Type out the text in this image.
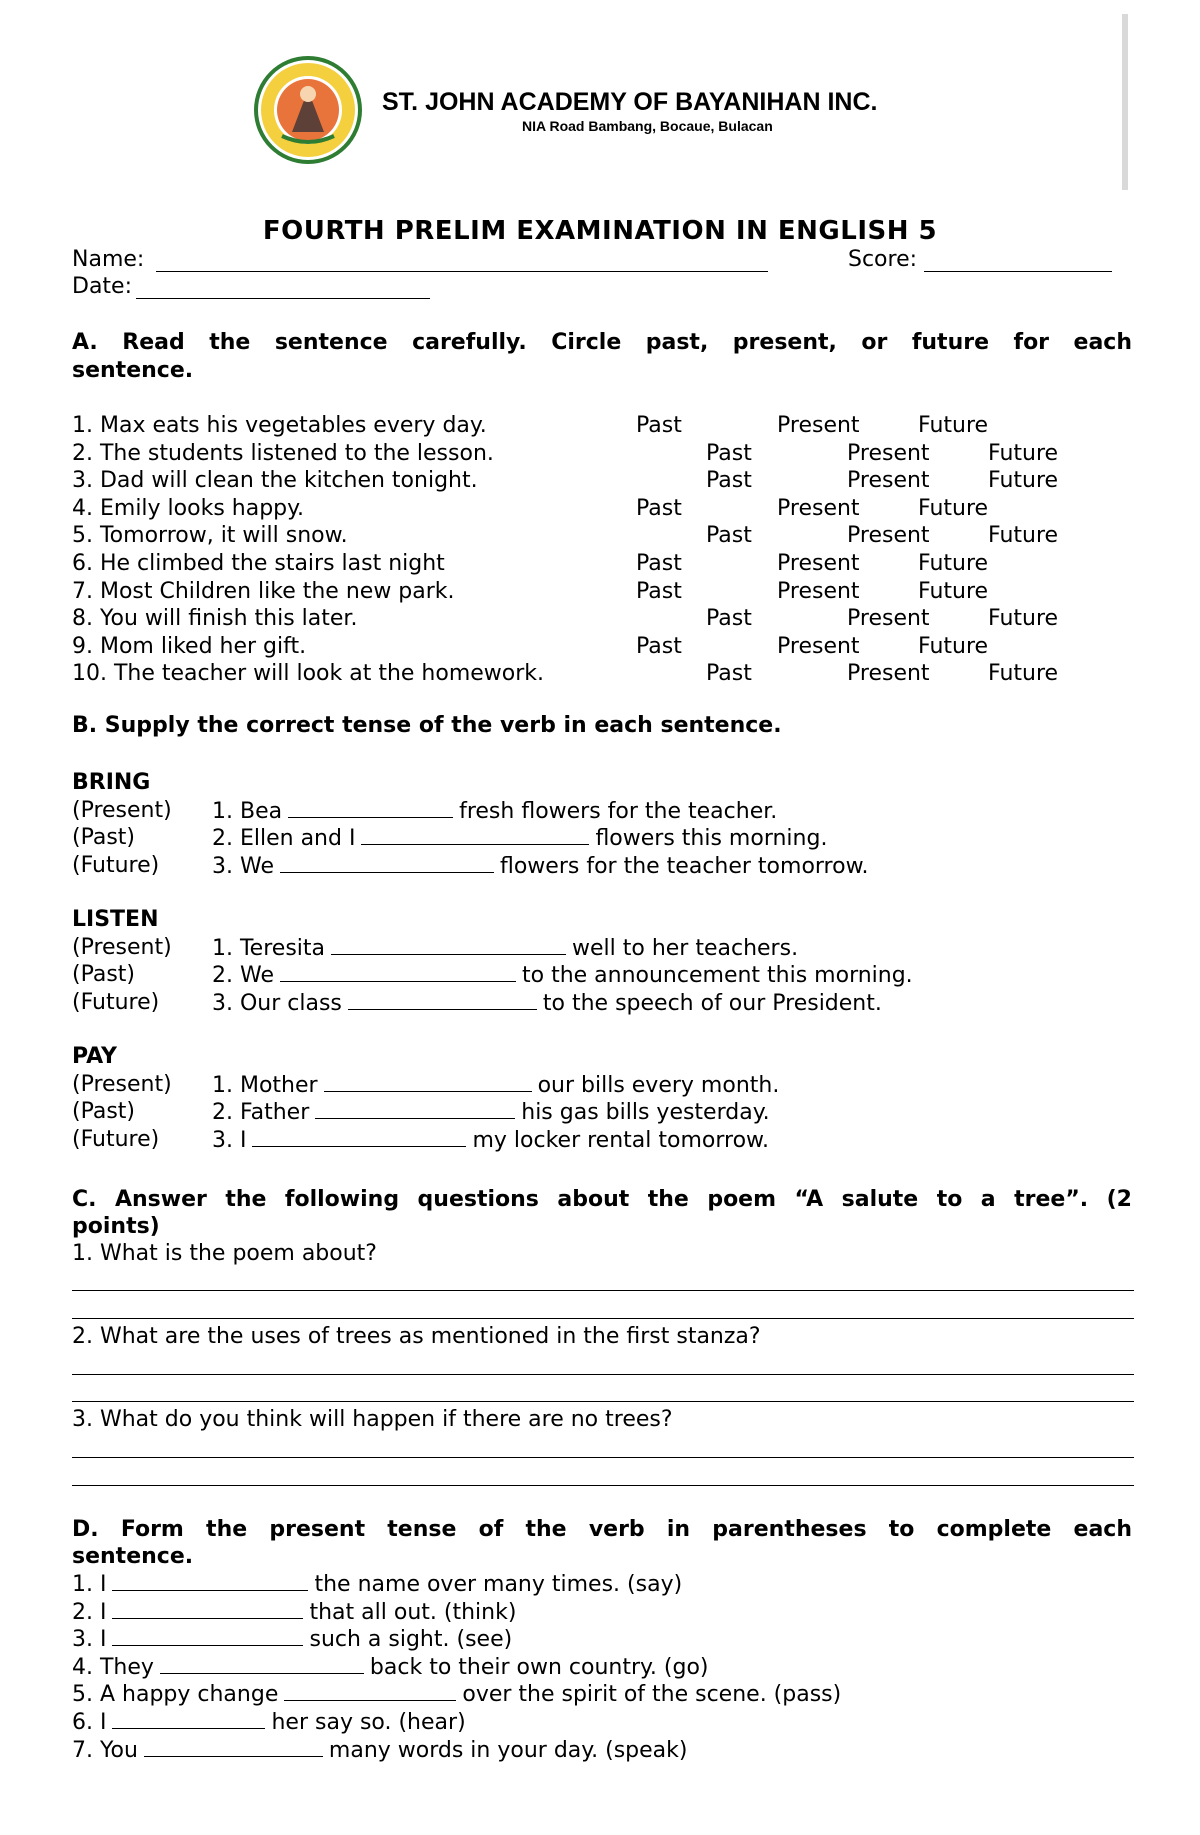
ST. JOHN ACADEMY OF BAYANIHAN INC.
NIA Road Bambang, Bocaue, Bulacan
FOURTH PRELIM EXAMINATION IN ENGLISH 5
Name:	Score:
Date:
A. Read the sentence carefully. Circle past, present, or future for each
sentence.
B. Supply the correct tense of the verb in each sentence.
C. Answer the following questions about the poem “A salute to a tree”. (2
points)
1. What is the poem about?
2. What are the uses of trees as mentioned in the first stanza?
3. What do you think will happen if there are no trees?
D. Form the present tense of the verb in parentheses to complete each
sentence.
1. Max eats his vegetables every day.	Past	Present	Future
2. The students listened to the lesson.	Past	Present	Future
3. Dad will clean the kitchen tonight.	Past	Present	Future
4. Emily looks happy.	Past	Present	Future
5. Tomorrow, it will snow.	Past	Present	Future
6. He climbed the stairs last night	Past	Present	Future
7. Most Children like the new park.	Past	Present	Future
8. You will finish this later.	Past	Present	Future
9. Mom liked her gift.	Past	Present	Future
10. The teacher will look at the homework.	Past	Present	Future
BRING
(Present) 1. Bea	fresh flowers for the teacher.
(Past)	2. Ellen and I	flowers this morning.
(Future) 3. We	flowers for the teacher tomorrow.
LISTEN
(Present) 1. Teresita	well to her teachers.
(Past)	2. We	to the announcement this morning.
(Future) 3. Our class	to the speech of our President.
PAY
(Present) 1. Mother	our bills every month.
(Past)	2. Father	his gas bills yesterday.
(Future) 3. I	my locker rental tomorrow.
1. I	the name over many times. (say)
2. I	that all out. (think)
3. I	such a sight. (see)
4. They	back to their own country. (go)
5. A happy change	over the spirit of the scene. (pass)
6. I	her say so. (hear)
7. You	many words in your day. (speak)
